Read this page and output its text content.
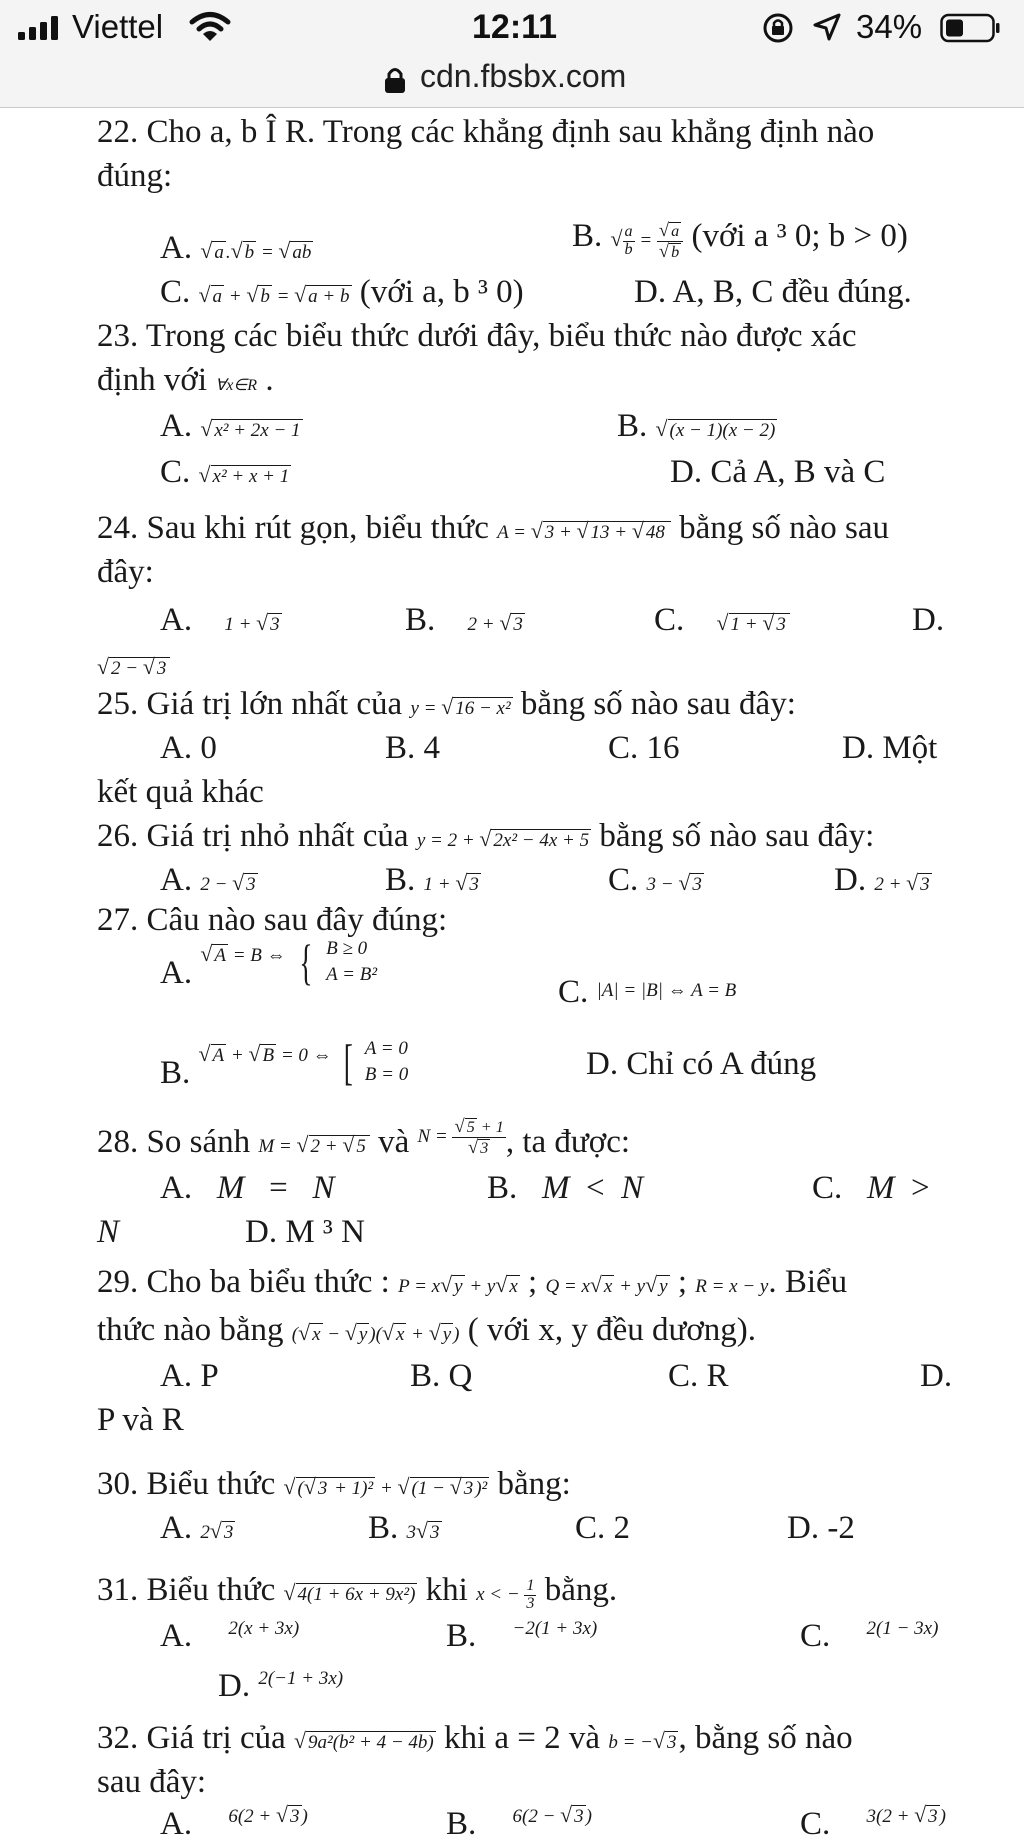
Viettel	12:11	34%
cdn.fbsbx.com
22. Cho a, b Î R. Trong các khẳng định sau khẳng định nào
đúng:
A. √ a .√ b = √ ab	B. √ $\frac{a}{b} = \frac{√ a}{√ b}$ (với a ³ 0; b > 0)
C. √ a + √ b = √ a + b (với a, b ³ 0)	D. A, B, C đều đúng.
23. Trong các biểu thức dưới đây, biểu thức nào được xác
định với ∀x∈R .
A. √ x² + 2x − 1	B. √ (x − 1)(x − 2)
C. √ x² + x + 1	D. Cả A, B và C
24. Sau khi rút gọn, biểu thức A = √ 3 + √ 13 + √ 48 bằng số nào sau
đây:
A. 1 + √ 3	B. 2 + √ 3	C. √ 1 + √ 3	D.
√ 2 − √ 3
25. Giá trị lớn nhất của y = √ 16 − x² bằng số nào sau đây:
A. 0	B. 4	C. 16	D. Một
kết quả khác
26. Giá trị nhỏ nhất của y = 2 + √ 2x² − 4x + 5 bằng số nào sau đây:
A. 2 − √ 3	B. 1 + √ 3	C. 3 − √ 3	D. 2 + √ 3
27. Câu nào sau đây đúng:
A. $^{√ A = B \Leftrightarrow}$ { B ≥ 0
A = B²	C. |A| = |B| ⇔ A = B
B. $^{√ A + √ B = 0 \Leftrightarrow}$ [ A = 0
B = 0	D. Chỉ có A đúng
28. So sánh M = √ 2 + √ 5 và $^{N = \frac{√ 5 + 1}{√ 3}}$ , ta được:
A. M   =   N	B. M  <  N	C. M  >
N	D. M ³ N
29. Cho ba biểu thức : P = x√ y + y√ x ; Q = x√ x + y√ y ; R = x − y. Biểu
thức nào bằng (√ x − √ y )(√ x + √ y ) ( với x, y đều dương).
A. P	B. Q	C. R	D.
P và R
30. Biểu thức √ (√ 3 + 1)² + √ (1 − √ 3 )² bằng:
A. 2√ 3	B. 3√ 3	C. 2	D. -2
31. Biểu thức √ 4(1 + 6x + 9x²) khi x < − $\frac{1}{3}$ bằng.
A. $^{2(x + 3x)}$	B. $^{-2(1 + 3x)}$	C. $^{2(1 - 3x)}$
D. $^{2(-1 + 3x)}$
32. Giá trị của √ 9a²(b² + 4 − 4b) khi a = 2 và b = −√ 3, bằng số nào
sau đây:
A. $^{6(2 + √ 3 )}$	B. $^{6(2 - √ 3 )}$	C. $^{3(2 + √ 3 )}$
